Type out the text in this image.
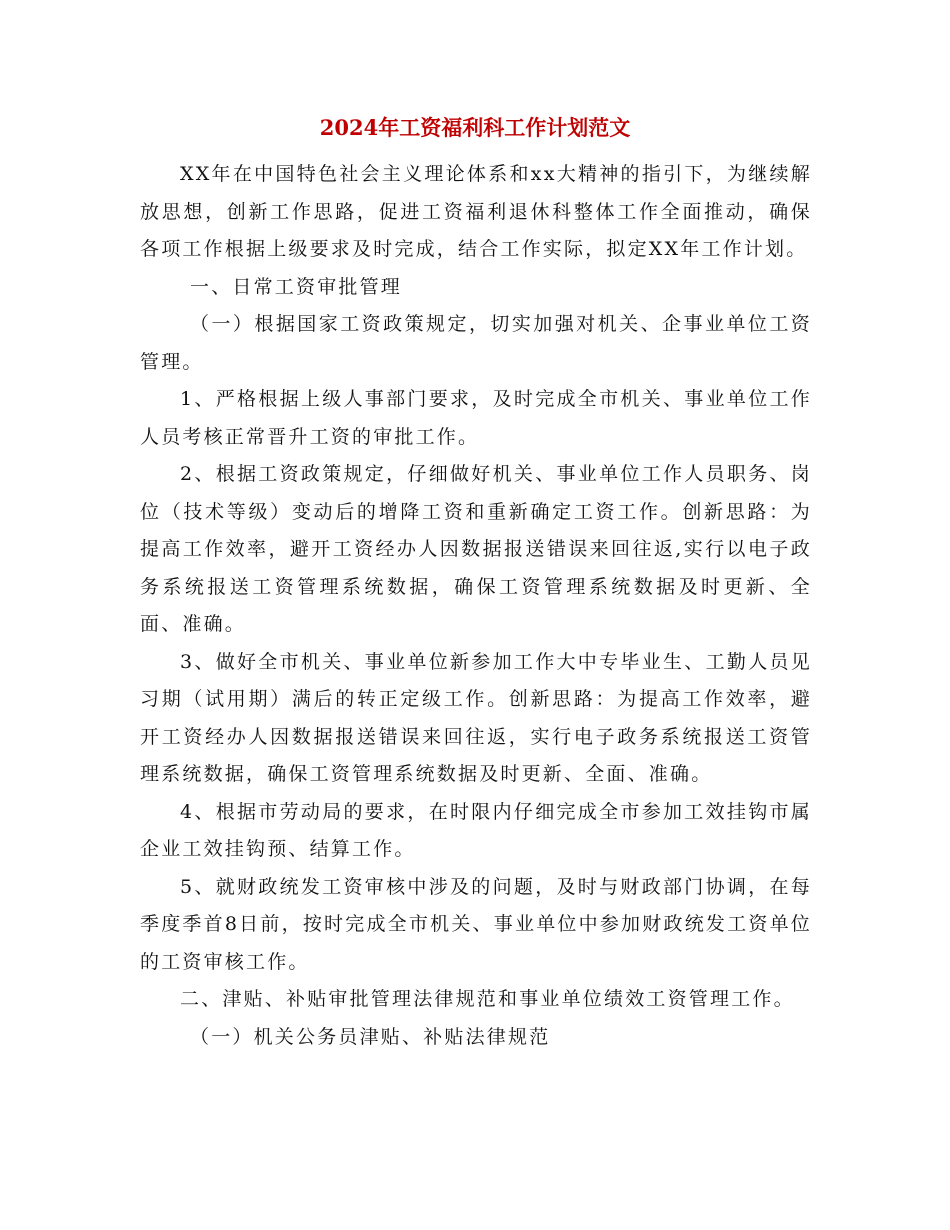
2024年工资福利科工作计划范文

XX年在中国特色社会主义理论体系和xx大精神的指引下，为继续解放思想，创新工作思路，促进工资福利退休科整体工作全面推动，确保各项工作根据上级要求及时完成，结合工作实际，拟定XX年工作计划。

一、日常工资审批管理

（一）根据国家工资政策规定，切实加强对机关、企事业单位工资管理。

1、严格根据上级人事部门要求，及时完成全市机关、事业单位工作人员考核正常晋升工资的审批工作。

2、根据工资政策规定，仔细做好机关、事业单位工作人员职务、岗位（技术等级）变动后的增降工资和重新确定工资工作。创新思路：为提高工作效率，避开工资经办人因数据报送错误来回往返,实行以电子政务系统报送工资管理系统数据，确保工资管理系统数据及时更新、全面、准确。

3、做好全市机关、事业单位新参加工作大中专毕业生、工勤人员见习期（试用期）满后的转正定级工作。创新思路：为提高工作效率，避开工资经办人因数据报送错误来回往返，实行电子政务系统报送工资管理系统数据，确保工资管理系统数据及时更新、全面、准确。

4、根据市劳动局的要求，在时限内仔细完成全市参加工效挂钩市属企业工效挂钩预、结算工作。

5、就财政统发工资审核中涉及的问题，及时与财政部门协调，在每季度季首8日前，按时完成全市机关、事业单位中参加财政统发工资单位的工资审核工作。

二、津贴、补贴审批管理法律规范和事业单位绩效工资管理工作。

（一）机关公务员津贴、补贴法律规范
